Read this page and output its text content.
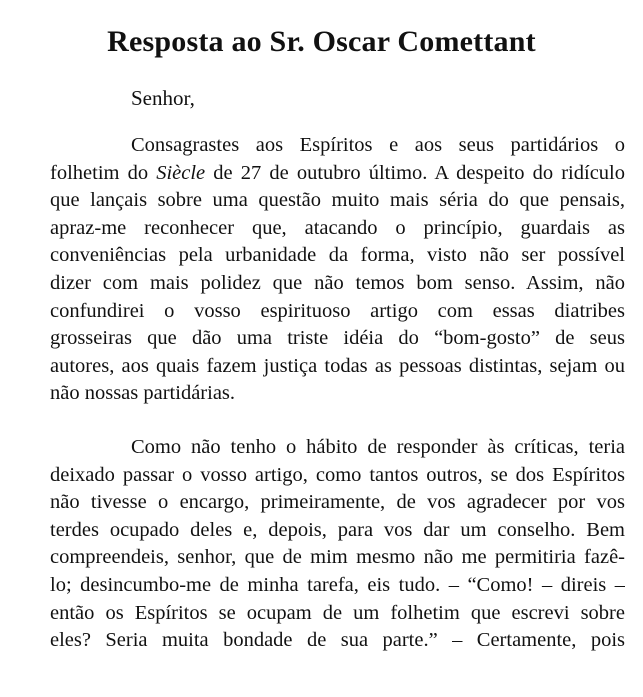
Resposta ao Sr. Oscar Comettant

Senhor,

Consagrastes aos Espíritos e aos seus partidários o
folhetim do Siècle de 27 de outubro último. A despeito do ridículo
que lançais sobre uma questão muito mais séria do que pensais,
apraz-me reconhecer que, atacando o princípio, guardais as
conveniências pela urbanidade da forma, visto não ser possível
dizer com mais polidez que não temos bom senso. Assim, não
confundirei o vosso espirituoso artigo com essas diatribes
grosseiras que dão uma triste idéia do “bom-gosto” de seus
autores, aos quais fazem justiça todas as pessoas distintas, sejam ou
não nossas partidárias.
Como não tenho o hábito de responder às críticas, teria
deixado passar o vosso artigo, como tantos outros, se dos Espíritos
não tivesse o encargo, primeiramente, de vos agradecer por vos
terdes ocupado deles e, depois, para vos dar um conselho. Bem
compreendeis, senhor, que de mim mesmo não me permitiria fazê-
lo; desincumbo-me de minha tarefa, eis tudo. – “Como! – direis –
então os Espíritos se ocupam de um folhetim que escrevi sobre
eles? Seria muita bondade de sua parte.” – Certamente, pois
